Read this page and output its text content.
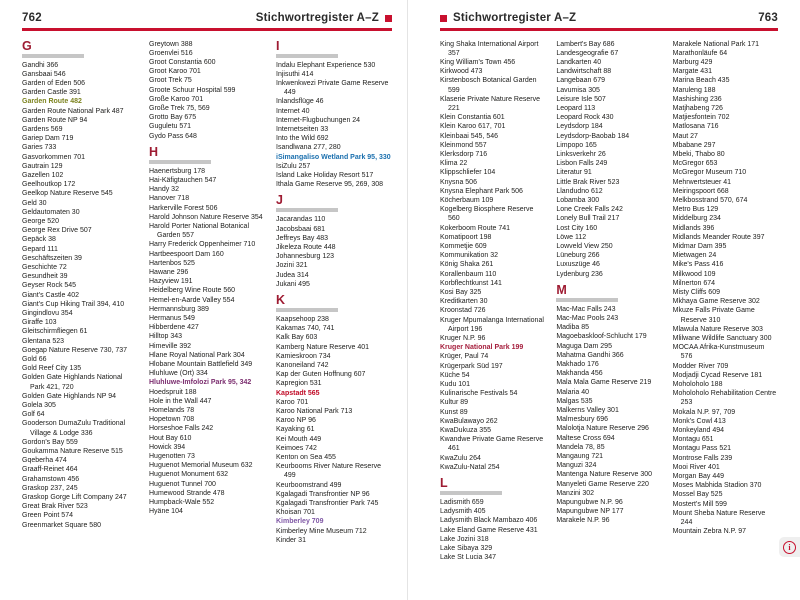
762	Stichwortregister A–Z
G
Gandhi 366
Gansbaai 546
Garden of Eden 506
Garden Castle 391
Garden Route 482
Garden Route National Park 487
Garden Route NP 94
Gardens 569
Gariep Dam 719
Garies 733
Gasvorkommen 701
Gautrain 129
Gazellen 102
Geelhoutkop 172
Geelkop Nature Reserve 545
Geld 30
Geldautomaten 30
George 520
George Rex Drive 507
Gepäck 38
Gepard 111
Geschäftszeiten 39
Geschichte 72
Gesundheit 39
Geyser Rock 545
Giant's Castle 402
Giant's Cup Hiking Trail 394, 410
Gingindlovu 354
Giraffe 103
Gleitschirmfliegen 61
Glentana 523
Goegap Nature Reserve 730, 737
Gold 66
Gold Reef City 135
Golden Gate Highlands National Park 421, 720
Golden Gate Highlands NP 94
Golela 305
Golf 64
Gooderson DumaZulu Traditional Village & Lodge 336
Gordon's Bay 559
Goukamma Nature Reserve 515
Gqeberha 474
Graaff-Reinet 464
Grahamstown 456
Graskop 237, 245
Graskop Gorge Lift Company 247
Great Brak River 523
Green Point 574
Greenmarket Square 580
Greytown 388
Groenvlei 516
Groot Constantia 600
Groot Karoo 701
Groot Trek 75
Groote Schuur Hospital 599
Große Karoo 701
Große Trek 75, 569
Grotto Bay 675
Guguletu 571
Gydo Pass 648
H
Haenertsburg 178
Hai-Käfigtauchen 547
Handy 32
Hanover 718
Harkerville Forest 506
Harold Johnson Nature Reserve 354
Harold Porter National Botanical Garden 557
Harry Frederick Oppenheimer 710
Hartbeespoort Dam 160
Hartenbos 525
Hawane 296
Hazyview 191
Heidelberg Wine Route 560
Hemel-en-Aarde Valley 554
Hermannsburg 389
Hermanus 549
Hibberdene 427
Hilltop 343
Himeville 392
Hlane Royal National Park 304
Hlobane Mountain Battlefield 349
Hluhluwe (Ort) 334
Hluhluwe-Imfolozi Park 95, 342
Hoedspruit 188
Hole in the Wall 447
Homelands 78
Hopetown 708
Horseshoe Falls 242
Hout Bay 610
Howick 394
Hugenotten 73
Huguenot Memorial Museum 632
Huguenot Monument 632
Huguenot Tunnel 700
Humewood Strande 478
Humpback-Wale 552
Hyäne 104
I
Indalu Elephant Experience 530
Injisuthi 414
Inkwenkwezi Private Game Reserve 449
Inlandsflüge 46
Internet 40
Internet-Flugbuchungen 24
Internetseiten 33
Into the Wild 692
Isandlwana 277, 280
iSimangaliso Wetland Park 95, 330
IsiZulu 257
Island Lake Holiday Resort 517
Ithala Game Reserve 95, 269, 308
J
Jacarandas 110
Jacobsbaai 681
Jeffreys Bay 483
Jikeleza Route 448
Johannesburg 123
Jozini 321
Judea 314
Jukani 495
K
Kaapsehoop 238
Kakamas 740, 741
Kalk Bay 603
Kamberg Nature Reserve 401
Kamieskroon 734
Kanoneiland 742
Kap der Guten Hoffnung 607
Kapregion 531
Kapstadt 565
Karoo 701
Karoo National Park 713
Karoo NP 96
Kayaking 61
Kei Mouth 449
Keimoes 742
Kenton on Sea 455
Keurbooms River Nature Reserve 499
Keurboomstrand 499
Kgalagadi Transfrontier NP 96
Kgalagadi Transfrontier Park 745
Khoisan 701
Kimberley 709
Kimberley Mine Museum 712
Kinder 31
Stichwortregister A–Z	763
King Shaka International Airport 357
King William's Town 456
Kirkwood 473
Kirstenbosch Botanical Garden 599
Klaserie Private Nature Reserve 221
Klein Constantia 601
Klein Karoo 617, 701
Kleinbaai 545, 546
Kleinmond 557
Klerksdorp 716
Klima 22
Klippschliefer 104
Knysna 506
Knysna Elephant Park 506
Köcherbaum 109
Kogelberg Biosphere Reserve 560
Kokerboom Route 741
Komatipoort 198
Kommetjie 609
Kommunikation 32
König Shaka 261
Korallenbaum 110
Korbflechtkunst 141
Kosi Bay 325
Kreditkarten 30
Kroonstad 726
Kruger Mpumalanga International Airport 196
Kruger N.P. 96
Kruger National Park 199
Krüger, Paul 74
Krügerpark Süd 197
Küche 54
Kudu 101
Kulinarische Festivals 54
Kultur 89
Kunst 89
KwaBulawayo 262
KwaDukuza 355
Kwandwe Private Game Reserve 461
KwaZulu 264
KwaZulu-Natal 254
L
Ladismith 659
Ladysmith 405
Ladysmith Black Mambazo 406
Lake Eland Game Reserve 431
Lake Jozini 318
Lake Sibaya 329
Lake St Lucia 347
Lambert's Bay 686
Landesgeografie 67
Landkarten 40
Landwirtschaft 88
Langebaan 679
Lavumisa 305
Leisure Isle 507
Leopard 113
Leopard Rock 430
Leydsdorp 184
Leydsdorp-Baobab 184
Limpopo 165
Linksverkehr 26
Lisbon Falls 249
Literatur 91
Little Brak River 523
Llandudno 612
Lobamba 300
Lone Creek Falls 242
Lonely Bull Trail 217
Lost City 160
Löwe 112
Lowveld View 250
Lüneburg 266
Luxuszüge 46
Lydenburg 236
M
Mac-Mac Falls 243
Mac-Mac Pools 243
Madiba 85
Magoebaskloof-Schlucht 179
Maguga Dam 295
Mahatma Gandhi 366
Makhado 176
Makhanda 456
Mala Mala Game Reserve 219
Malaria 40
Malgas 535
Malkerns Valley 301
Malmesbury 696
Malolotja Nature Reserve 296
Maltese Cross 694
Mandela 78, 85
Mangaung 721
Manguzi 324
Mantenga Nature Reserve 300
Manyeleti Game Reserve 220
Manzini 302
Mapungubwe N.P. 96
Mapungubwe NP 177
Marakele N.P. 96
Marakele National Park 171
Marathonläufe 64
Marburg 429
Margate 431
Marina Beach 435
Maruleng 188
Mashishing 236
Matjhabeng 726
Matjiesfontein 702
Matlosana 716
Maut 27
Mbabane 297
Mbeki, Thabo 80
McGregor 653
McGregor Museum 710
Mehrwertsteuer 41
Meiringspoort 668
Melkbosstrand 570, 674
Metro Bus 129
Middelburg 234
Midlands 396
Midlands Meander Route 397
Midmar Dam 395
Mietwagen 24
Mike's Pass 416
Milkwood 109
Milnerton 674
Misty Cliffs 609
Mkhaya Game Reserve 302
Mkuze Falls Private Game Reserve 310
Mlawula Nature Reserve 303
Mlilwane Wildlife Sanctuary 300
MOCAA Afrika-Kunstmuseum 576
Modder River 709
Modjadji Cycad Reserve 181
Moholoholo 188
Moholoholo Rehabilitation Centre 253
Mokala N.P. 97, 709
Monk's Cowl 413
Monkeyland 494
Montagu 651
Montagu Pass 521
Montrose Falls 239
Mooi River 401
Morgan Bay 449
Moses Mabhida Stadion 370
Mossel Bay 525
Mostert's Mill 599
Mount Sheba Nature Reserve 244
Mountain Zebra N.P. 97
i
